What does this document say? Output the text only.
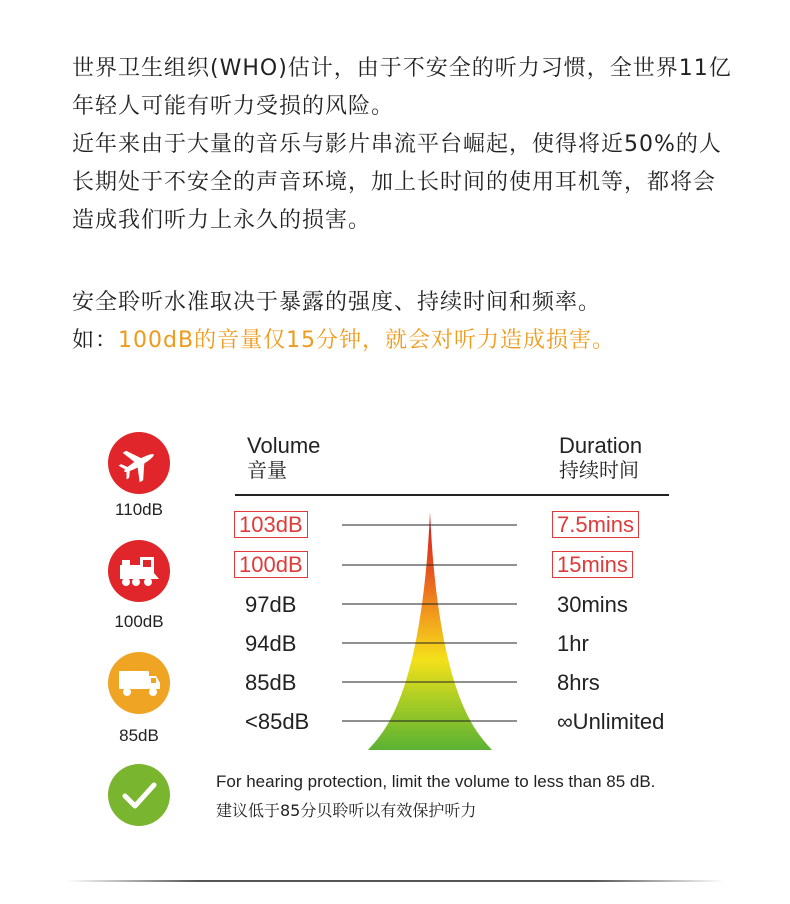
世界卫生组织(WHO)估计，由于不安全的听力习惯，全世界11亿年轻人可能有听力受损的风险。

近年来由于大量的音乐与影片串流平台崛起，使得将近50%的人长期处于不安全的声音环境，加上长时间的使用耳机等，都将会造成我们听力上永久的损害。

安全聆听水准取决于暴露的强度、持续时间和频率。

如：100dB的音量仅15分钟，就会对听力造成损害。

110dB
100dB
85dB
Volume
音量
Duration
持续时间
103dB	7.5mins
100dB	15mins
97dB	30mins
94dB	1hr
85dB	8hrs
<85dB	∞Unlimited
For hearing protection, limit the volume to less than 85 dB.
建议低于85分贝聆听以有效保护听力
